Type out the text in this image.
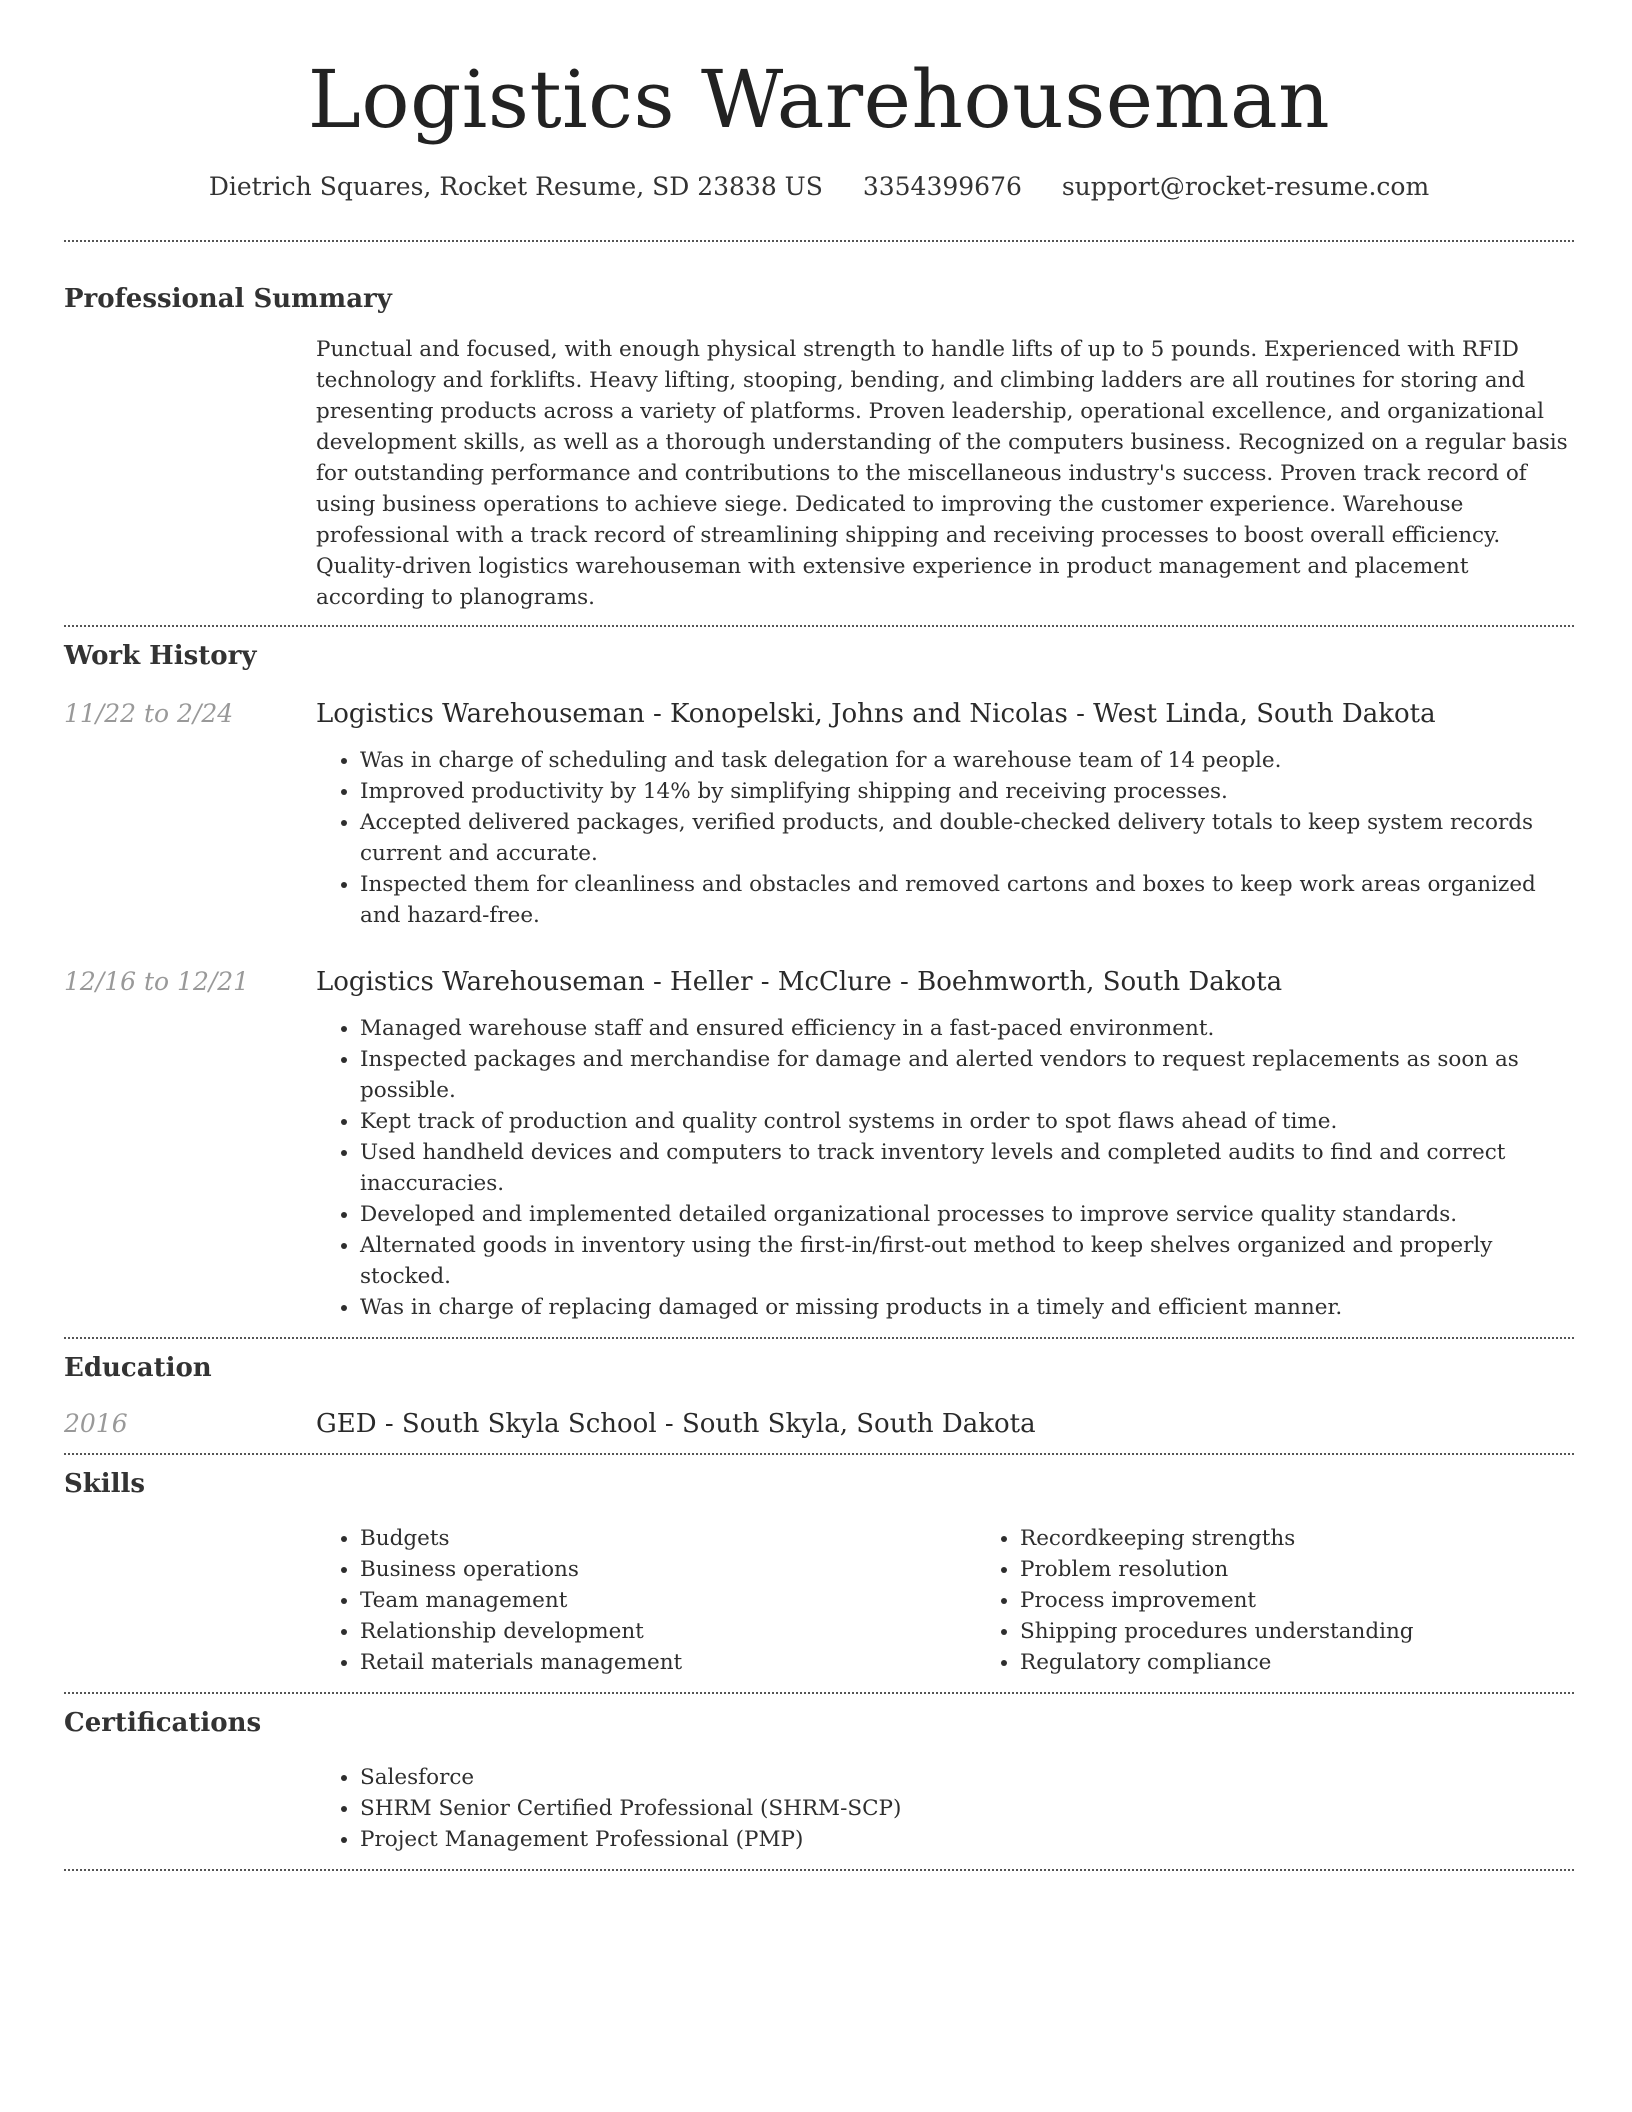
Logistics Warehouseman
Dietrich Squares, Rocket Resume, SD 23838 US 3354399676 support@rocket-resume.com
Professional Summary

Punctual and focused, with enough physical strength to handle lifts of up to 5 pounds. Experienced with RFID technology and forklifts. Heavy lifting, stooping, bending, and climbing ladders are all routines for storing and presenting products across a variety of platforms. Proven leadership, operational excellence, and organizational development skills, as well as a thorough understanding of the computers business. Recognized on a regular basis for outstanding performance and contributions to the miscellaneous industry's success. Proven track record of using business operations to achieve siege. Dedicated to improving the customer experience. Warehouse professional with a track record of streamlining shipping and receiving processes to boost overall efficiency. Quality-driven logistics warehouseman with extensive experience in product management and placement according to planograms.

Work History
11/22 to 2/24	Logistics Warehouseman - Konopelski, Johns and Nicolas - West Linda, South Dakota
• Was in charge of scheduling and task delegation for a warehouse team of 14 people.
• Improved productivity by 14% by simplifying shipping and receiving processes.
• Accepted delivered packages, verified products, and double-checked delivery totals to keep system records current and accurate.
• Inspected them for cleanliness and obstacles and removed cartons and boxes to keep work areas organized and hazard-free.
12/16 to 12/21	Logistics Warehouseman - Heller - McClure - Boehmworth, South Dakota
• Managed warehouse staff and ensured efficiency in a fast-paced environment.
• Inspected packages and merchandise for damage and alerted vendors to request replacements as soon as possible.
• Kept track of production and quality control systems in order to spot flaws ahead of time.
• Used handheld devices and computers to track inventory levels and completed audits to find and correct inaccuracies.
• Developed and implemented detailed organizational processes to improve service quality standards.
• Alternated goods in inventory using the first-in/first-out method to keep shelves organized and properly stocked.
• Was in charge of replacing damaged or missing products in a timely and efficient manner.
Education
2016	GED - South Skyla School - South Skyla, South Dakota
Skills
• Budgets
• Business operations
• Team management
• Relationship development
• Retail materials management
• Recordkeeping strengths
• Problem resolution
• Process improvement
• Shipping procedures understanding
• Regulatory compliance
Certifications
• Salesforce
• SHRM Senior Certified Professional (SHRM-SCP)
• Project Management Professional (PMP)
